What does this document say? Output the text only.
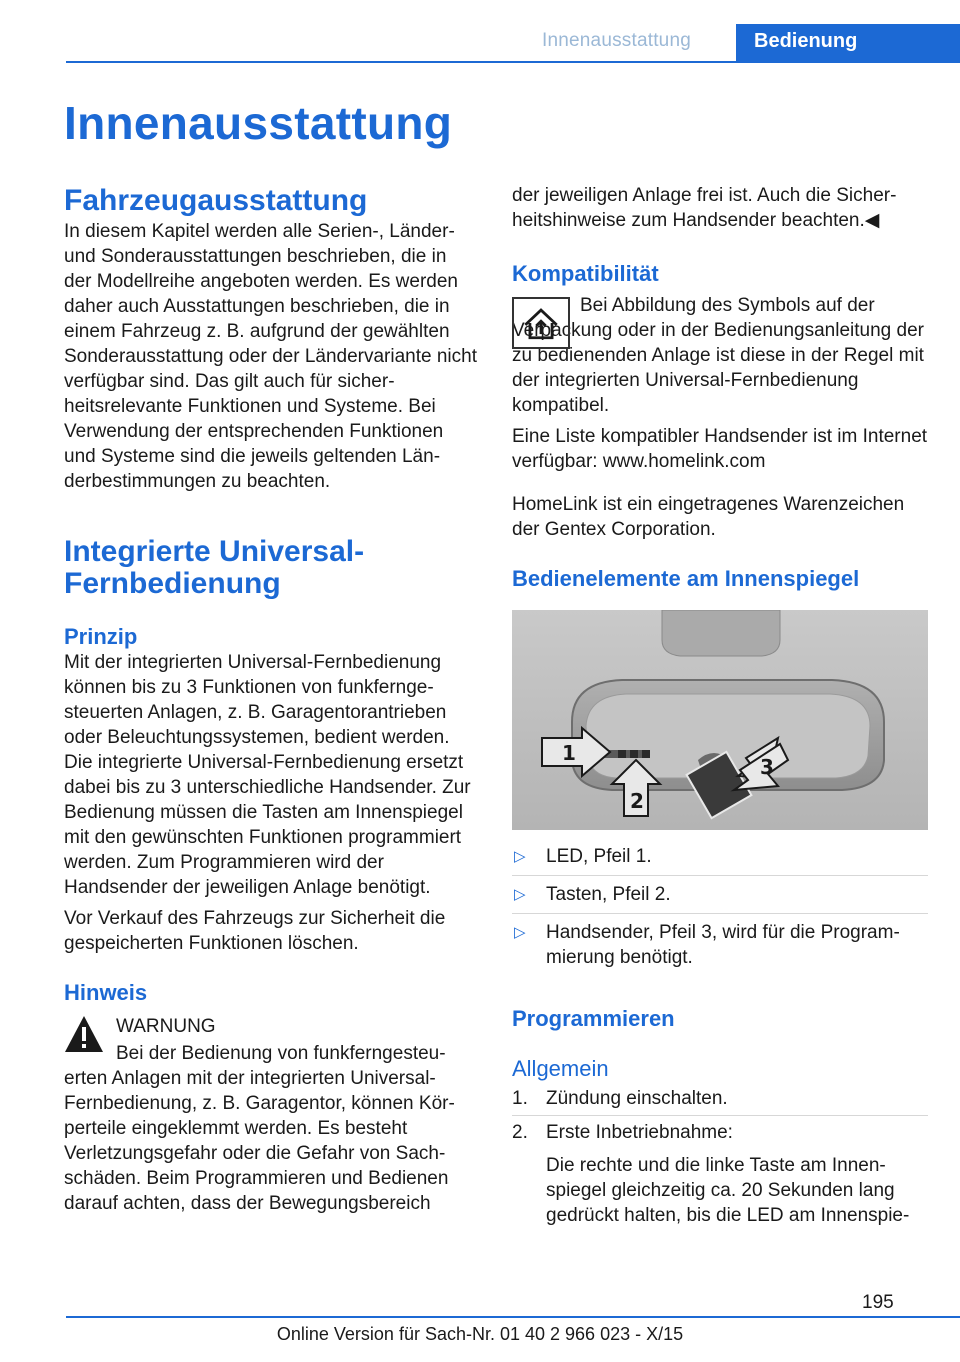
Innenausstattung	Bedienung
Innenausstattung
Fahrzeugausstattung

In diesem Kapitel werden alle Serien-, Länder- und Sonderausstattungen beschrieben, die in der Modellreihe angeboten werden. Es werden daher auch Ausstattungen beschrieben, die in einem Fahrzeug z. B. aufgrund der gewählten Sonderausstattung oder der Ländervariante nicht verfügbar sind. Das gilt auch für sicherheitsrelevante Funktionen und Systeme. Bei Verwendung der entsprechenden Funktionen und Systeme sind die jeweils geltenden Länderbestimmungen zu beachten.

Integrierte Universal-Fernbedienung
Prinzip

Mit der integrierten Universal-Fernbedienung können bis zu 3 Funktionen von funkferngesteuerten Anlagen, z. B. Garagentorantrieben oder Beleuchtungssystemen, bedient werden. Die integrierte Universal-Fernbedienung ersetzt dabei bis zu 3 unterschiedliche Handsender. Zur Bedienung müssen die Tasten am Innenspiegel mit den gewünschten Funktionen programmiert werden. Zum Programmieren wird der Handsender der jeweiligen Anlage benötigt.

Vor Verkauf des Fahrzeugs zur Sicherheit die gespeicherten Funktionen löschen.

Hinweis

WARNUNG

Bei der Bedienung von funkferngesteuerten Anlagen mit der integrierten Universal-Fernbedienung, z. B. Garagentor, können Körperteile eingeklemmt werden. Es besteht Verletzungsgefahr oder die Gefahr von Sachschäden. Beim Programmieren und Bedienen darauf achten, dass der Bewegungsbereich

der jeweiligen Anlage frei ist. Auch die Sicherheitshinweise zum Handsender beachten.◀

Kompatibilität

Bei Abbildung des Symbols auf der Verpackung oder in der Bedienungsanleitung der zu bedienenden Anlage ist diese in der Regel mit der integrierten Universal-Fernbedienung kompatibel.

Eine Liste kompatibler Handsender ist im Internet verfügbar: www.homelink.com

HomeLink ist ein eingetragenes Warenzeichen der Gentex Corporation.

Bedienelemente am Innenspiegel
1
2
3
▷ LED, Pfeil 1.
▷ Tasten, Pfeil 2.
▷ Handsender, Pfeil 3, wird für die Programmierung benötigt.
Programmieren
Allgemein
1. Zündung einschalten.
2. Erste Inbetriebnahme:

Die rechte und die linke Taste am Innenspiegel gleichzeitig ca. 20 Sekunden lang gedrückt halten, bis die LED am Innenspie-

195
Online Version für Sach-Nr. 01 40 2 966 023 - X/15
